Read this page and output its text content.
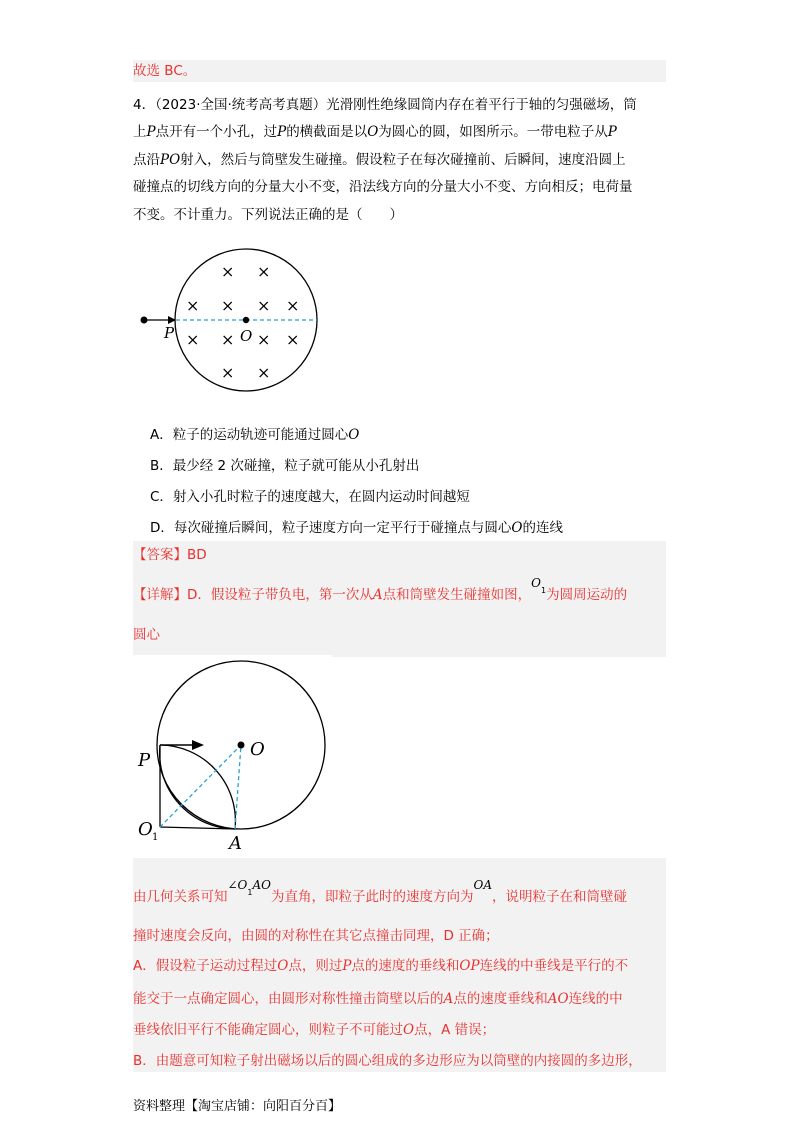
故选 BC。
4．（2023·全国·统考高考真题）光滑刚性绝缘圆筒内存在着平行于轴的匀强磁场，筒
上P点开有一个小孔，过P的横截面是以O为圆心的圆，如图所示。一带电粒子从P
点沿PO射入，然后与筒壁发生碰撞。假设粒子在每次碰撞前、后瞬间，速度沿圆上
碰撞点的切线方向的分量大小不变，沿法线方向的分量大小不变、方向相反；电荷量
不变。不计重力。下列说法正确的是（　　）
P	O
× ×
× × × ×
× × × ×
× ×
A．粒子的运动轨迹可能通过圆心O
B．最少经 2 次碰撞，粒子就可能从小孔射出
C．射入小孔时粒子的速度越大，在圆内运动时间越短
D．每次碰撞后瞬间，粒子速度方向一定平行于碰撞点与圆心O的连线
【答案】BD
【详解】D．假设粒子带负电，第一次从A点和筒壁发生碰撞如图，$O_1$为圆周运动的
圆心
P
O
O 1	A
由几何关系可知$\angle O_1AO$为直角，即粒子此时的速度方向为OA，说明粒子在和筒壁碰
撞时速度会反向，由圆的对称性在其它点撞击同理，D 正确；
A．假设粒子运动过程过O点，则过P点的速度的垂线和OP连线的中垂线是平行的不
能交于一点确定圆心，由圆形对称性撞击筒壁以后的A点的速度垂线和AO连线的中
垂线依旧平行不能确定圆心，则粒子不可能过O点，A 错误；
B．由题意可知粒子射出磁场以后的圆心组成的多边形应为以筒壁的内接圆的多边形，
资料整理【淘宝店铺：向阳百分百】
